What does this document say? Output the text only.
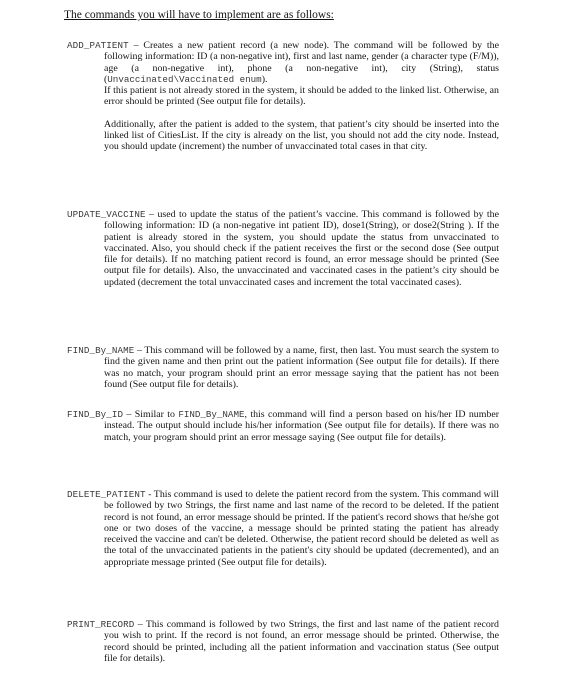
The commands you will have to implement are as follows:

ADD_PATIENT – Creates a new patient record (a new node). The command will be followed by the following information: ID (a non-negative int), first and last name, gender (a character type (F/M)), age (a non-negative int), phone (a non-negative int), city (String), status (Unvaccinated\Vaccinated enum).

If this patient is not already stored in the system, it should be added to the linked list. Otherwise, an error should be printed (See output file for details).

Additionally, after the patient is added to the system, that patient’s city should be inserted into the linked list of CitiesList. If the city is already on the list, you should not add the city node. Instead, you should update (increment) the number of unvaccinated total cases in that city.

UPDATE_VACCINE – used to update the status of the patient’s vaccine. This command is followed by the following information: ID (a non-negative int patient ID), dose1(String), or dose2(String ). If the patient is already stored in the system, you should update the status from unvaccinated to vaccinated. Also, you should check if the patient receives the first or the second dose (See output file for details). If no matching patient record is found, an error message should be printed (See output file for details). Also, the unvaccinated and vaccinated cases in the patient’s city should be updated (decrement the total unvaccinated cases and increment the total vaccinated cases).

FIND_By_NAME – This command will be followed by a name, first, then last. You must search the system to find the given name and then print out the patient information (See output file for details). If there was no match, your program should print an error message saying that the patient has not been found (See output file for details).

FIND_By_ID – Similar to FIND_By_NAME, this command will find a person based on his/her ID number instead. The output should include his/her information (See output file for details). If there was no match, your program should print an error message saying (See output file for details).

DELETE_PATIENT - This command is used to delete the patient record from the system. This command will be followed by two Strings, the first name and last name of the record to be deleted. If the patient record is not found, an error message should be printed. If the patient's record shows that he/she got one or two doses of the vaccine, a message should be printed stating the patient has already received the vaccine and can't be deleted. Otherwise, the patient record should be deleted as well as the total of the unvaccinated patients in the patient's city should be updated (decremented), and an appropriate message printed (See output file for details).

PRINT_RECORD – This command is followed by two Strings, the first and last name of the patient record you wish to print. If the record is not found, an error message should be printed. Otherwise, the record should be printed, including all the patient information and vaccination status (See output file for details).
